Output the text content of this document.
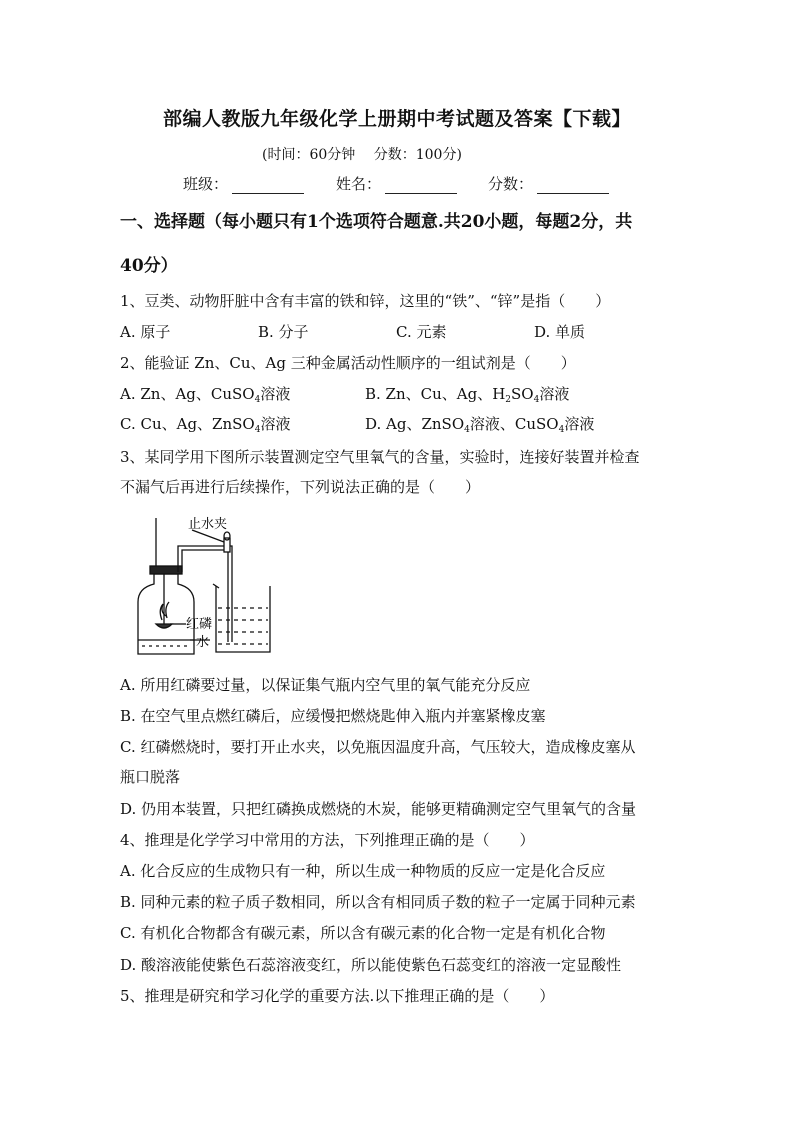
部编人教版九年级化学上册期中考试题及答案【下载】
(时间：60分钟　 分数：100分)
班级：	姓名：	分数：
一、选择题（每小题只有1个选项符合题意.共20小题，每题2分，共
40分）
1、豆类、动物肝脏中含有丰富的铁和锌，这里的“铁”、“锌”是指（　　）
A. 原子	B. 分子	C. 元素	D. 单质
2、能验证 Zn、Cu、Ag 三种金属活动性顺序的一组试剂是（　　）
A. Zn、Ag、CuSO$_4$溶液	B. Zn、Cu、Ag、$H_2SO_4$溶液
C. Cu、Ag、ZnSO$_4$溶液	D. Ag、ZnSO$_4$溶液、CuSO$_4$溶液
3、某同学用下图所示装置测定空气里氧气的含量，实验时，连接好装置并检查
不漏气后再进行后续操作，下列说法正确的是（　　）
止水夹
红磷
水
A. 所用红磷要过量，以保证集气瓶内空气里的氧气能充分反应
B. 在空气里点燃红磷后，应缓慢把燃烧匙伸入瓶内并塞紧橡皮塞
C. 红磷燃烧时，要打开止水夹，以免瓶因温度升高，气压较大，造成橡皮塞从
瓶口脱落
D. 仍用本装置，只把红磷换成燃烧的木炭，能够更精确测定空气里氧气的含量
4、推理是化学学习中常用的方法，下列推理正确的是（　　）
A. 化合反应的生成物只有一种，所以生成一种物质的反应一定是化合反应
B. 同种元素的粒子质子数相同，所以含有相同质子数的粒子一定属于同种元素
C. 有机化合物都含有碳元素，所以含有碳元素的化合物一定是有机化合物
D. 酸溶液能使紫色石蕊溶液变红，所以能使紫色石蕊变红的溶液一定显酸性
5、推理是研究和学习化学的重要方法.以下推理正确的是（　　）
